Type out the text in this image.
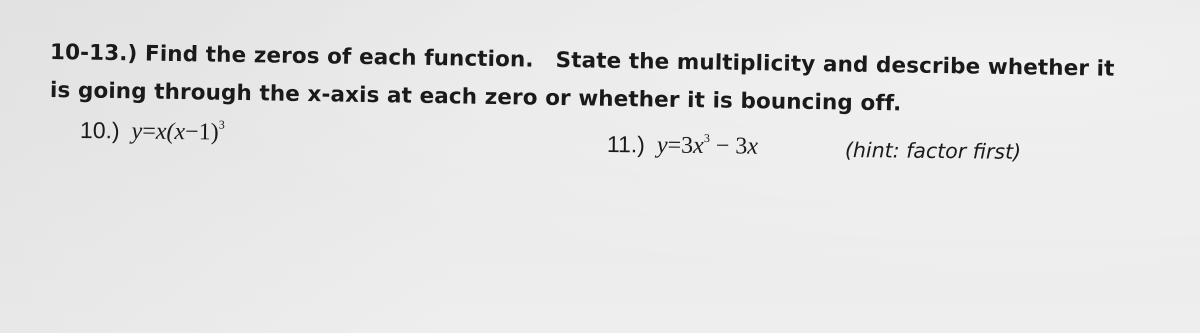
10-13.) Find the zeros of each function. State the multiplicity and describe whether it
is going through the x-axis at each zero or whether it is bouncing off.
10.) $y=x(x-1)^3$
11.) $y=3x^3 - 3x$	(hint: factor first)
